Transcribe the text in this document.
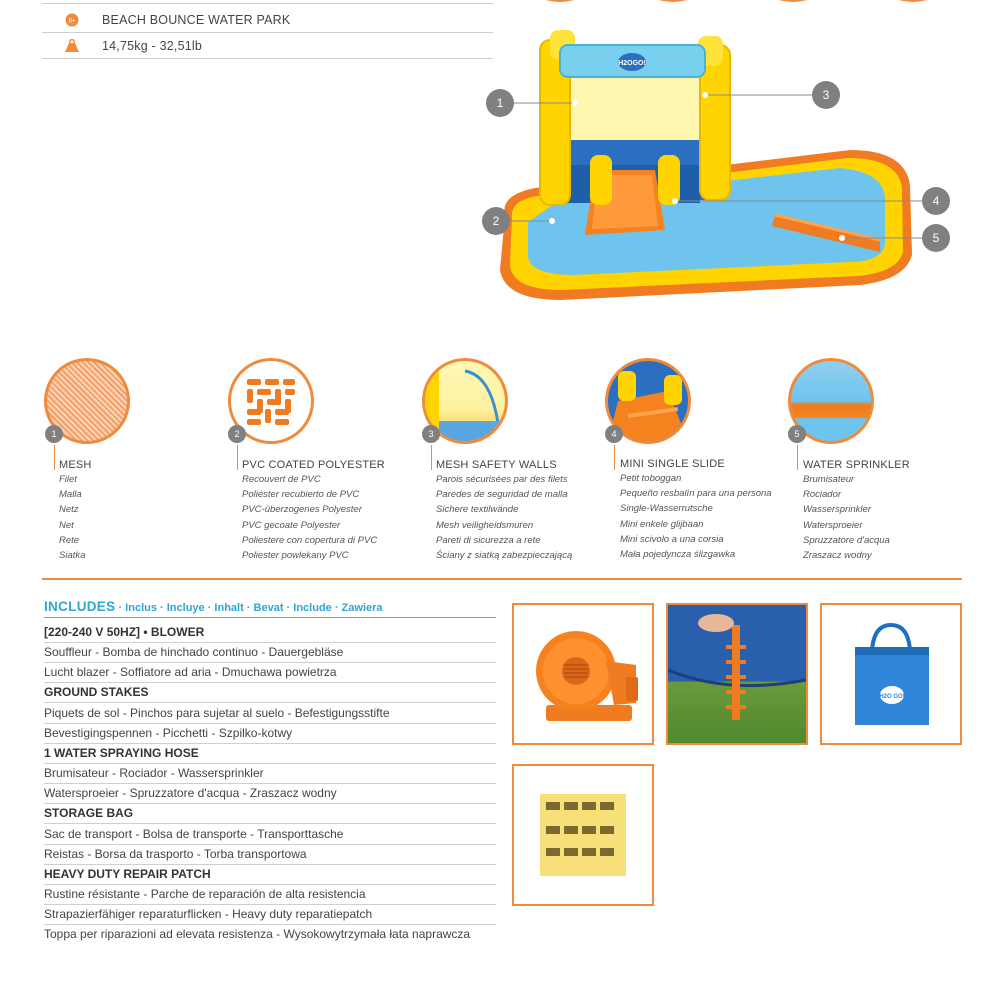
6+ BEACH BOUNCE WATER PARK
14,75kg - 32,51lb
H2OGO!
1
2
3
4
5
1
MESH
Filet
Malla
Netz
Net
Rete
Siatka
2
PVC COATED POLYESTER
Recouvert de PVC
Poliéster recubierto de PVC
PVC-überzogenes Polyester
PVC gecoate Polyester
Poliestere con copertura di PVC
Poliester powlekany PVC
3
MESH SAFETY WALLS
Parois sécurisées par des filets
Paredes de seguridad de malla
Sichere textilwände
Mesh veiligheidsmuren
Pareti di sicurezza a rete
Ściany z siatką zabezpieczającą
4
MINI SINGLE SLIDE
Petit toboggan
Pequeño resbalín para una persona
Single-Wasserrutsche
Mini enkele glijbaan
Mini scivolo a una corsia
Mała pojedyncza ślizgawka
5
WATER SPRINKLER
Brumisateur
Rociador
Wassersprinkler
Watersproeier
Spruzzatore d'acqua
Zraszacz wodny
INCLUDES · Inclus · Incluye · Inhalt · Bevat · Include · Zawiera
[220-240 V 50HZ] • BLOWER
Souffleur - Bomba de hinchado continuo - Dauergebläse
Lucht blazer - Soffiatore ad aria - Dmuchawa powietrza
GROUND STAKES
Piquets de sol - Pinchos para sujetar al suelo - Befestigungsstifte
Bevestigingspennen - Picchetti - Szpilko-kotwy
1 WATER SPRAYING HOSE
Brumisateur - Rociador - Wassersprinkler
Watersproeier - Spruzzatore d'acqua - Zraszacz wodny
STORAGE BAG
Sac de transport - Bolsa de transporte - Transporttasche
Reistas - Borsa da trasporto - Torba transportowa
HEAVY DUTY REPAIR PATCH
Rustine résistante - Parche de reparación de alta resistencia
Strapazierfähiger reparaturflicken - Heavy duty reparatiepatch
Toppa per riparazioni ad elevata resistenza - Wysokowytrzymała łata naprawcza
H2O GO!
